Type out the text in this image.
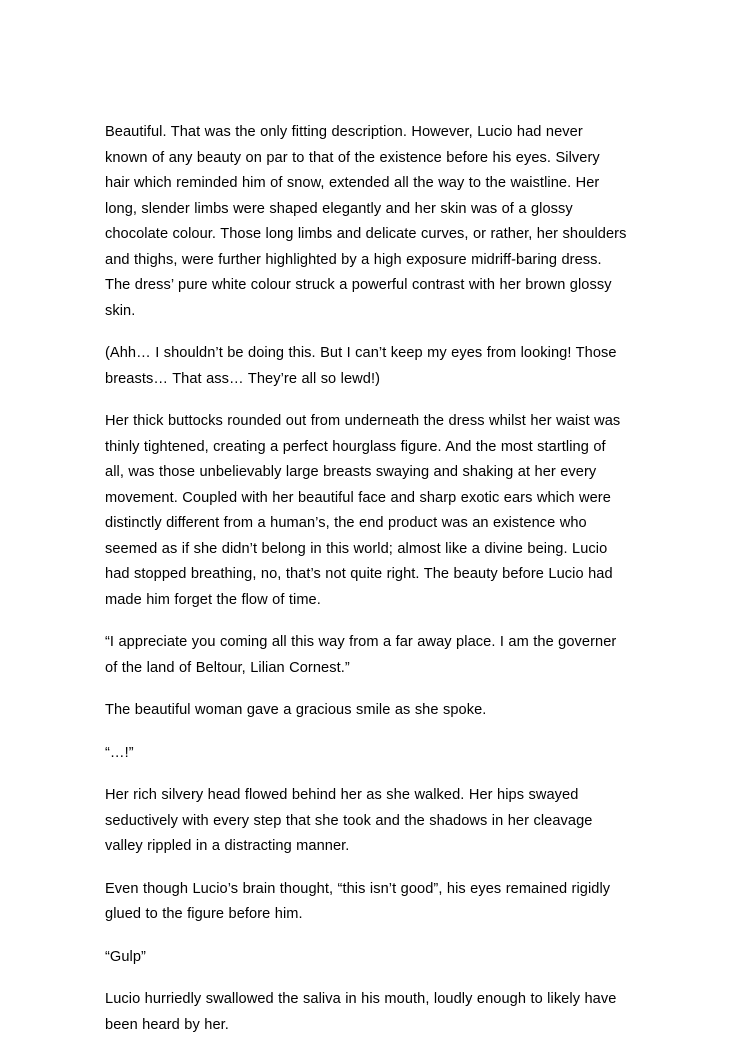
Beautiful. That was the only fitting description. However, Lucio had never known of any beauty on par to that of the existence before his eyes. Silvery hair which reminded him of snow, extended all the way to the waistline. Her long, slender limbs were shaped elegantly and her skin was of a glossy chocolate colour. Those long limbs and delicate curves, or rather, her shoulders and thighs, were further highlighted by a high exposure midriff-baring dress. The dress’ pure white colour struck a powerful contrast with her brown glossy skin.

(Ahh… I shouldn’t be doing this. But I can’t keep my eyes from looking! Those breasts… That ass… They’re all so lewd!)

Her thick buttocks rounded out from underneath the dress whilst her waist was thinly tightened, creating a perfect hourglass figure. And the most startling of all, was those unbelievably large breasts swaying and shaking at her every movement. Coupled with her beautiful face and sharp exotic ears which were distinctly different from a human’s, the end product was an existence who seemed as if she didn’t belong in this world; almost like a divine being. Lucio had stopped breathing, no, that’s not quite right. The beauty before Lucio had made him forget the flow of time.

“I appreciate you coming all this way from a far away place. I am the governer of the land of Beltour, Lilian Cornest.”

The beautiful woman gave a gracious smile as she spoke.

“…!”

Her rich silvery head flowed behind her as she walked. Her hips swayed seductively with every step that she took and the shadows in her cleavage valley rippled in a distracting manner.

Even though Lucio’s brain thought, “this isn’t good”, his eyes remained rigidly glued to the figure before him.

“Gulp”

Lucio hurriedly swallowed the saliva in his mouth, loudly enough to likely have been heard by her.
